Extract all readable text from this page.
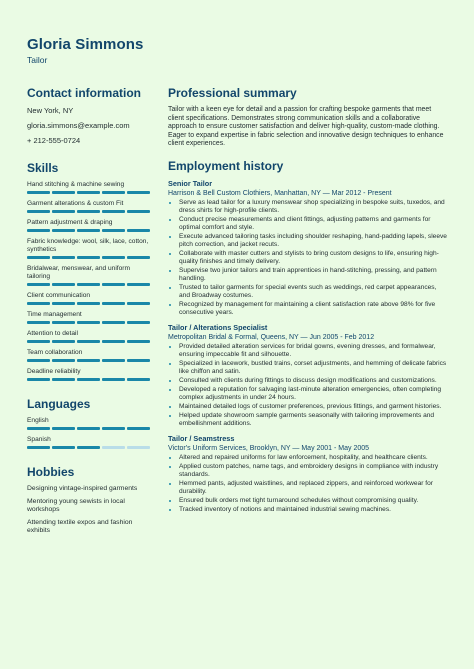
Gloria Simmons
Tailor
Contact information
New York, NY
gloria.simmons@example.com
+ 212-555-0724
Skills
Hand stitching & machine sewing
Garment alterations & custom Fit
Pattern adjustment & draping
Fabric knowledge: wool, silk, lace, cotton, synthetics
Bridalwear, menswear, and uniform tailoring
Client communication
Time management
Attention to detail
Team collaboration
Deadline reliability
Languages
English
Spanish
Hobbies
Designing vintage-inspired garments
Mentoring young sewists in local workshops
Attending textile expos and fashion exhibits
Professional summary
Tailor with a keen eye for detail and a passion for crafting bespoke garments that meet client specifications. Demonstrates strong communication skills and a collaborative approach to ensure customer satisfaction and deliver high-quality, custom-made clothing. Eager to expand expertise in fabric selection and innovative design techniques to enhance client experiences.
Employment history
Senior Tailor
Harrison & Bell Custom Clothiers, Manhattan, NY — Mar 2012 - Present
• Serve as lead tailor for a luxury menswear shop specializing in bespoke suits, tuxedos, and dress shirts for high-profile clients.
• Conduct precise measurements and client fittings, adjusting patterns and garments for optimal comfort and style.
• Execute advanced tailoring tasks including shoulder reshaping, hand-padding lapels, sleeve pitch correction, and jacket recuts.
• Collaborate with master cutters and stylists to bring custom designs to life, ensuring high-quality finishes and timely delivery.
• Supervise two junior tailors and train apprentices in hand-stitching, pressing, and pattern handling.
• Trusted to tailor garments for special events such as weddings, red carpet appearances, and Broadway costumes.
• Recognized by management for maintaining a client satisfaction rate above 98% for five consecutive years.
Tailor / Alterations Specialist
Metropolitan Bridal & Formal, Queens, NY — Jun 2005 - Feb 2012
• Provided detailed alteration services for bridal gowns, evening dresses, and formalwear, ensuring impeccable fit and silhouette.
• Specialized in lacework, bustled trains, corset adjustments, and hemming of delicate fabrics like chiffon and satin.
• Consulted with clients during fittings to discuss design modifications and customizations.
• Developed a reputation for salvaging last-minute alteration emergencies, often completing complex adjustments in under 24 hours.
• Maintained detailed logs of customer preferences, previous fittings, and garment histories.
• Helped update showroom sample garments seasonally with tailoring improvements and embellishment additions.
Tailor / Seamstress
Victor's Uniform Services, Brooklyn, NY — May 2001 - May 2005
• Altered and repaired uniforms for law enforcement, hospitality, and healthcare clients.
• Applied custom patches, name tags, and embroidery designs in compliance with industry standards.
• Hemmed pants, adjusted waistlines, and replaced zippers, and reinforced workwear for durability.
• Ensured bulk orders met tight turnaround schedules without compromising quality.
• Tracked inventory of notions and maintained industrial sewing machines.
